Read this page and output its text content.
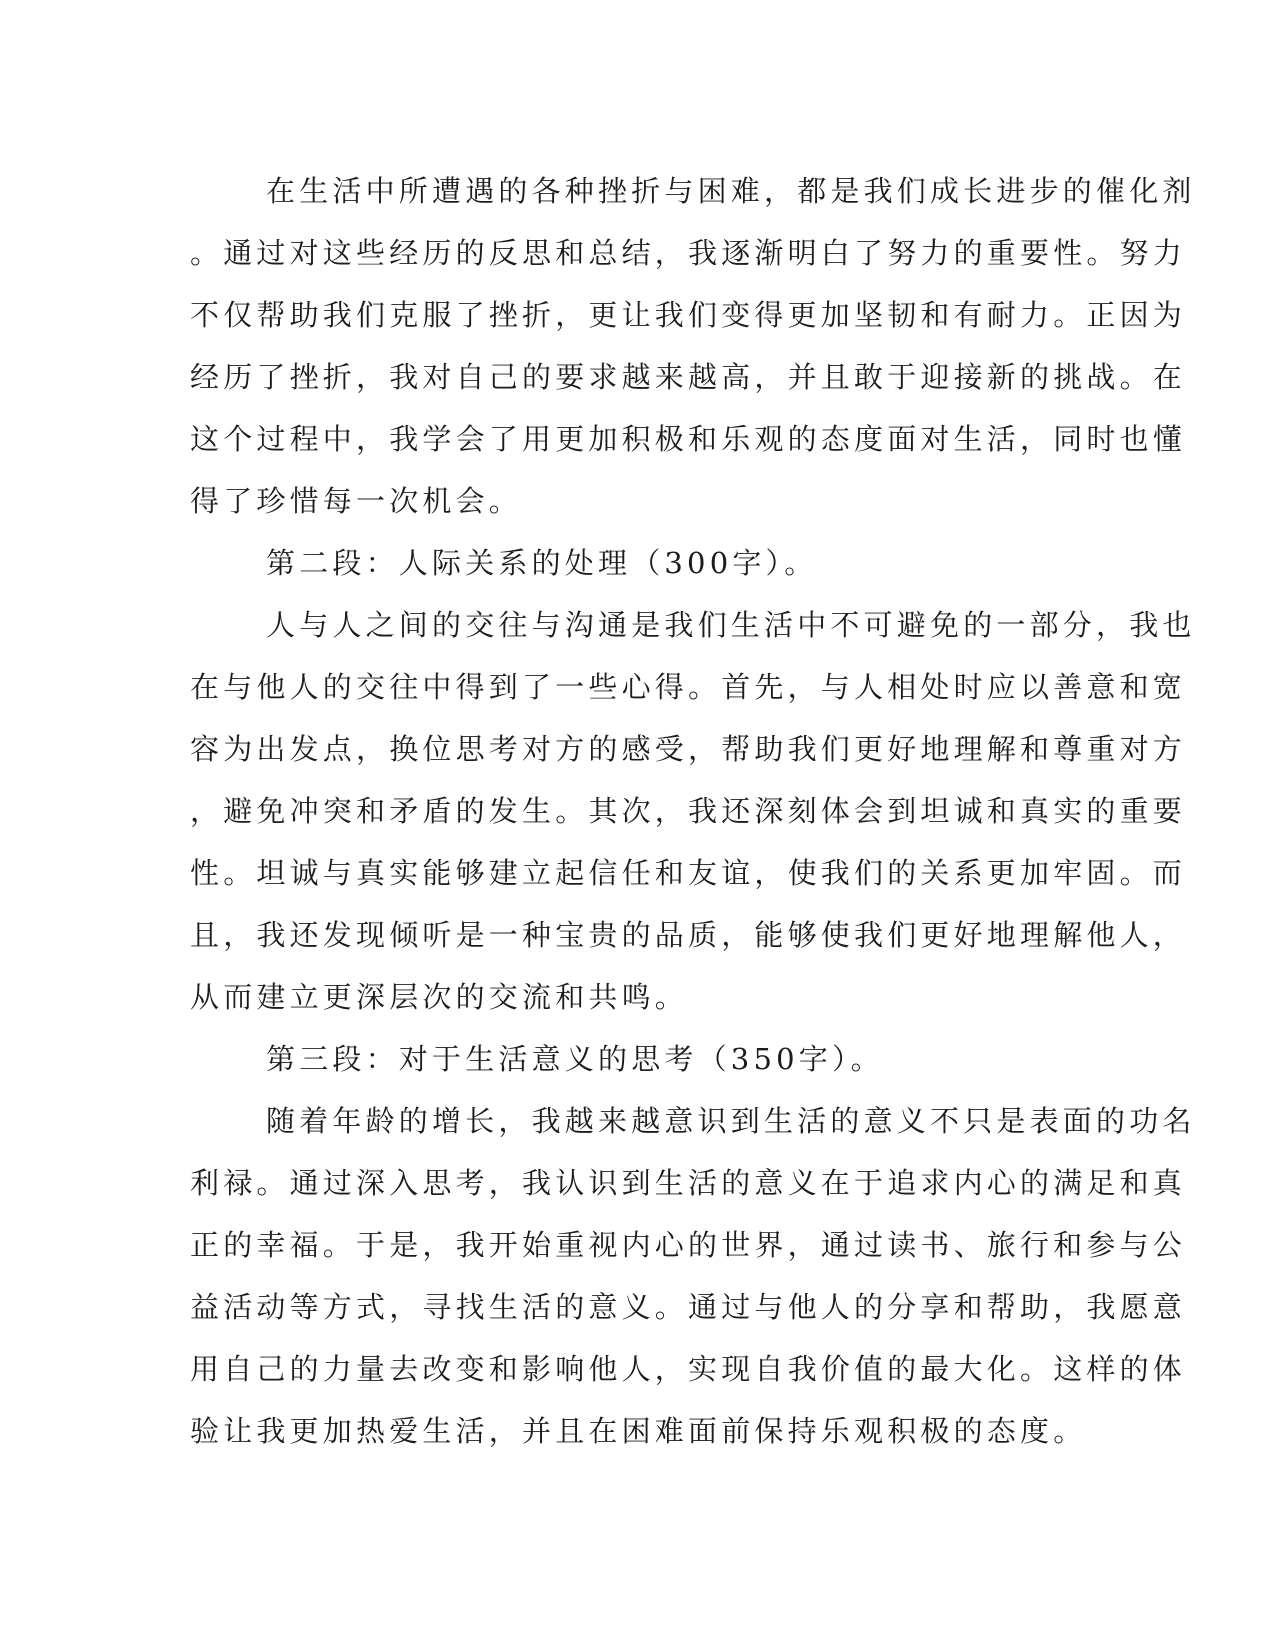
在生活中所遭遇的各种挫折与困难，都是我们成长进步的催化剂
。通过对这些经历的反思和总结，我逐渐明白了努力的重要性。努力
不仅帮助我们克服了挫折，更让我们变得更加坚韧和有耐力。正因为
经历了挫折，我对自己的要求越来越高，并且敢于迎接新的挑战。在
这个过程中，我学会了用更加积极和乐观的态度面对生活，同时也懂
得了珍惜每一次机会。
第二段：人际关系的处理（300字）。
人与人之间的交往与沟通是我们生活中不可避免的一部分，我也
在与他人的交往中得到了一些心得。首先，与人相处时应以善意和宽
容为出发点，换位思考对方的感受，帮助我们更好地理解和尊重对方
，避免冲突和矛盾的发生。其次，我还深刻体会到坦诚和真实的重要
性。坦诚与真实能够建立起信任和友谊，使我们的关系更加牢固。而
且，我还发现倾听是一种宝贵的品质，能够使我们更好地理解他人，
从而建立更深层次的交流和共鸣。
第三段：对于生活意义的思考（350字）。
随着年龄的增长，我越来越意识到生活的意义不只是表面的功名
利禄。通过深入思考，我认识到生活的意义在于追求内心的满足和真
正的幸福。于是，我开始重视内心的世界，通过读书、旅行和参与公
益活动等方式，寻找生活的意义。通过与他人的分享和帮助，我愿意
用自己的力量去改变和影响他人，实现自我价值的最大化。这样的体
验让我更加热爱生活，并且在困难面前保持乐观积极的态度。
